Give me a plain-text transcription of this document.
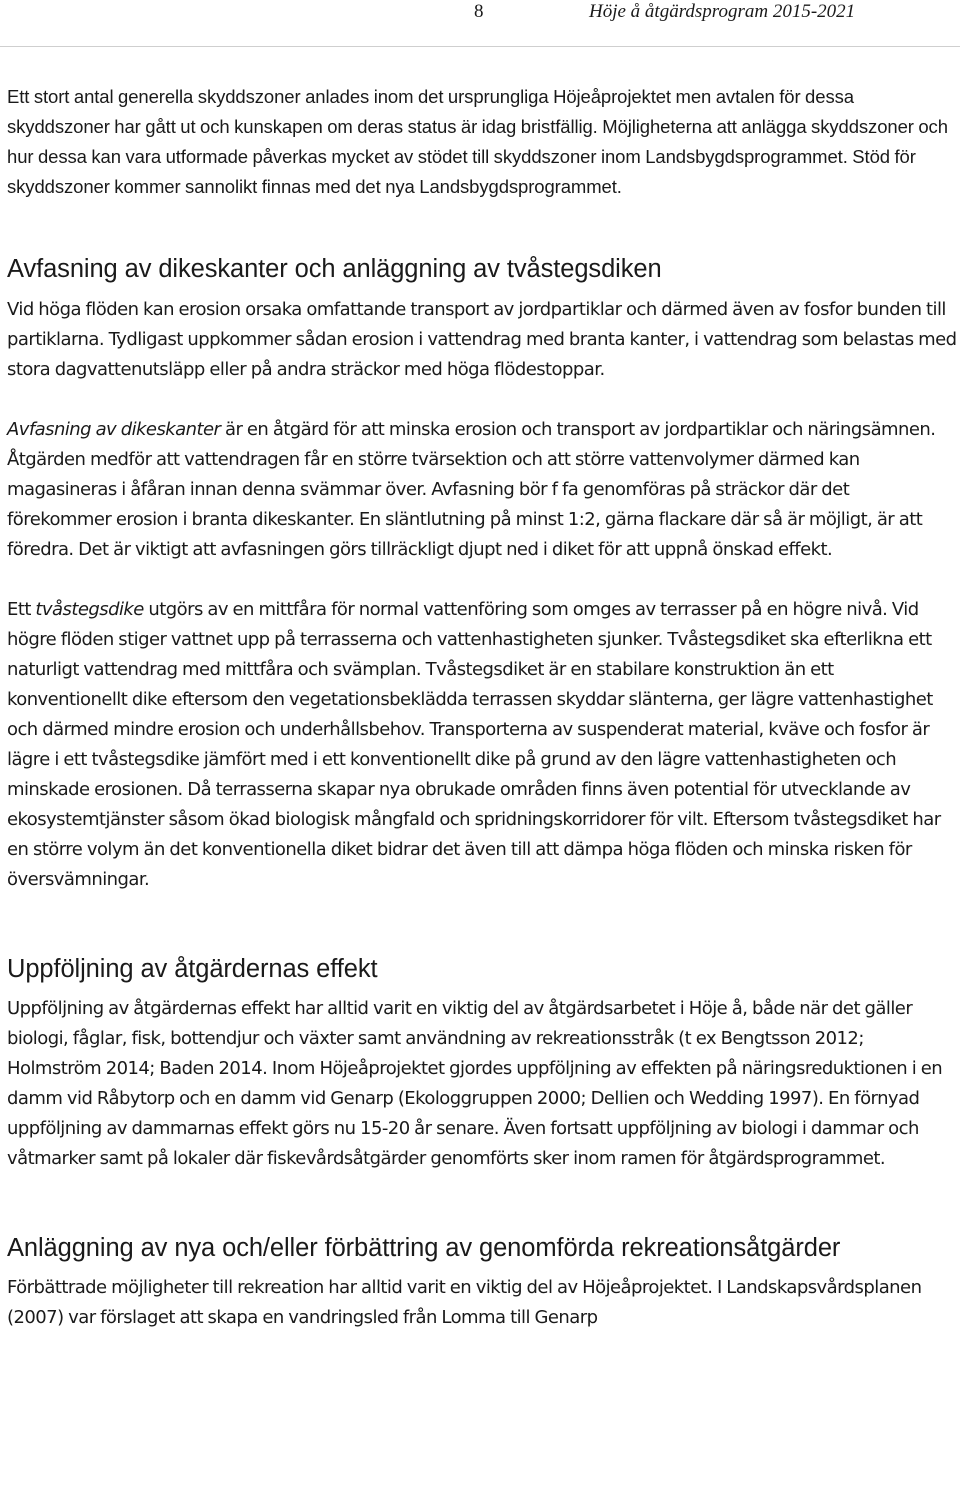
8	Höje å åtgärdsprogram 2015-2021

Ett stort antal generella skyddszoner anlades inom det ursprungliga Höjeåprojektet men avtalen för dessa skyddszoner har gått ut och kunskapen om deras status är idag bristfällig. Möjligheterna att anlägga skyddszoner och hur dessa kan vara utformade påverkas mycket av stödet till skyddszoner inom Landsbygdsprogrammet. Stöd för skyddszoner kommer sannolikt finnas med det nya Landsbygdsprogrammet.

Avfasning av dikeskanter och anläggning av tvåstegsdiken

Vid höga flöden kan erosion orsaka omfattande transport av jordpartiklar och därmed även av fosfor bunden till partiklarna. Tydligast uppkommer sådan erosion i vattendrag med branta kanter, i vattendrag som belastas med stora dagvattenutsläpp eller på andra sträckor med höga flödestoppar.

Avfasning av dikeskanter är en åtgärd för att minska erosion och transport av jordpartiklar och näringsämnen. Åtgärden medför att vattendragen får en större tvärsektion och att större vattenvolymer därmed kan magasineras i åfåran innan denna svämmar över. Avfasning bör f fa genomföras på sträckor där det förekommer erosion i branta dikeskanter. En släntlutning på minst 1:2, gärna flackare där så är möjligt, är att föredra. Det är viktigt att avfasningen görs tillräckligt djupt ned i diket för att uppnå önskad effekt.

Ett tvåstegsdike utgörs av en mittfåra för normal vattenföring som omges av terrasser på en högre nivå. Vid högre flöden stiger vattnet upp på terrasserna och vattenhastigheten sjunker. Tvåstegsdiket ska efterlikna ett naturligt vattendrag med mittfåra och svämplan. Tvåstegsdiket är en stabilare konstruktion än ett konventionellt dike eftersom den vegetationsbeklädda terrassen skyddar slänterna, ger lägre vattenhastighet och därmed mindre erosion och underhållsbehov. Transporterna av suspenderat material, kväve och fosfor är lägre i ett tvåstegsdike jämfört med i ett konventionellt dike på grund av den lägre vattenhastigheten och minskade erosionen. Då terrasserna skapar nya obrukade områden finns även potential för utvecklande av ekosystemtjänster såsom ökad biologisk mångfald och spridningskorridorer för vilt. Eftersom tvåstegsdiket har en större volym än det konventionella diket bidrar det även till att dämpa höga flöden och minska risken för översvämningar.

Uppföljning av åtgärdernas effekt

Uppföljning av åtgärdernas effekt har alltid varit en viktig del av åtgärdsarbetet i Höje å, både när det gäller biologi, fåglar, fisk, bottendjur och växter samt användning av rekreationsstråk (t ex Bengtsson 2012; Holmström 2014; Baden 2014. Inom Höjeåprojektet gjordes uppföljning av effekten på näringsreduktionen i en damm vid Råbytorp och en damm vid Genarp (Ekologgruppen 2000; Dellien och Wedding 1997). En förnyad uppföljning av dammarnas effekt görs nu 15-20 år senare. Även fortsatt uppföljning av biologi i dammar och våtmarker samt på lokaler där fiskevårdsåtgärder genomförts sker inom ramen för åtgärdsprogrammet.

Anläggning av nya och/eller förbättring av genomförda rekreationsåtgärder

Förbättrade möjligheter till rekreation har alltid varit en viktig del av Höjeåprojektet. I Landskapsvårdsplanen (2007) var förslaget att skapa en vandringsled från Lomma till Genarp
